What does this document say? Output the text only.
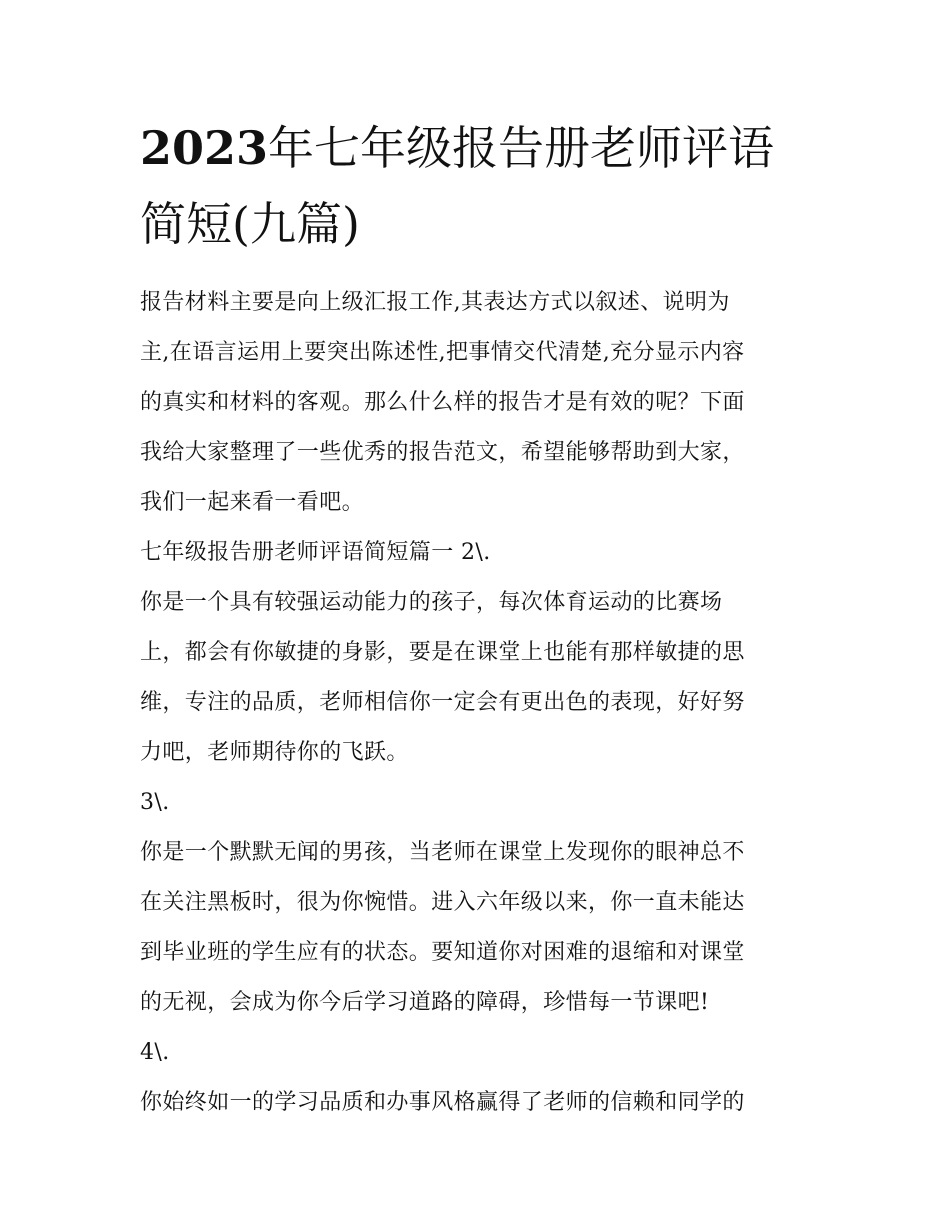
2023年七年级报告册老师评语
简短(九篇)
报告材料主要是向上级汇报工作,其表达方式以叙述、说明为
主,在语言运用上要突出陈述性,把事情交代清楚,充分显示内容
的真实和材料的客观。那么什么样的报告才是有效的呢？下面
我给大家整理了一些优秀的报告范文，希望能够帮助到大家，
我们一起来看一看吧。
七年级报告册老师评语简短篇一 2\.
你是一个具有较强运动能力的孩子，每次体育运动的比赛场
上，都会有你敏捷的身影，要是在课堂上也能有那样敏捷的思
维，专注的品质，老师相信你一定会有更出色的表现，好好努
力吧，老师期待你的飞跃。
3\.
你是一个默默无闻的男孩，当老师在课堂上发现你的眼神总不
在关注黑板时，很为你惋惜。进入六年级以来，你一直未能达
到毕业班的学生应有的状态。要知道你对困难的退缩和对课堂
的无视，会成为你今后学习道路的障碍，珍惜每一节课吧!
4\.
你始终如一的学习品质和办事风格赢得了老师的信赖和同学的
